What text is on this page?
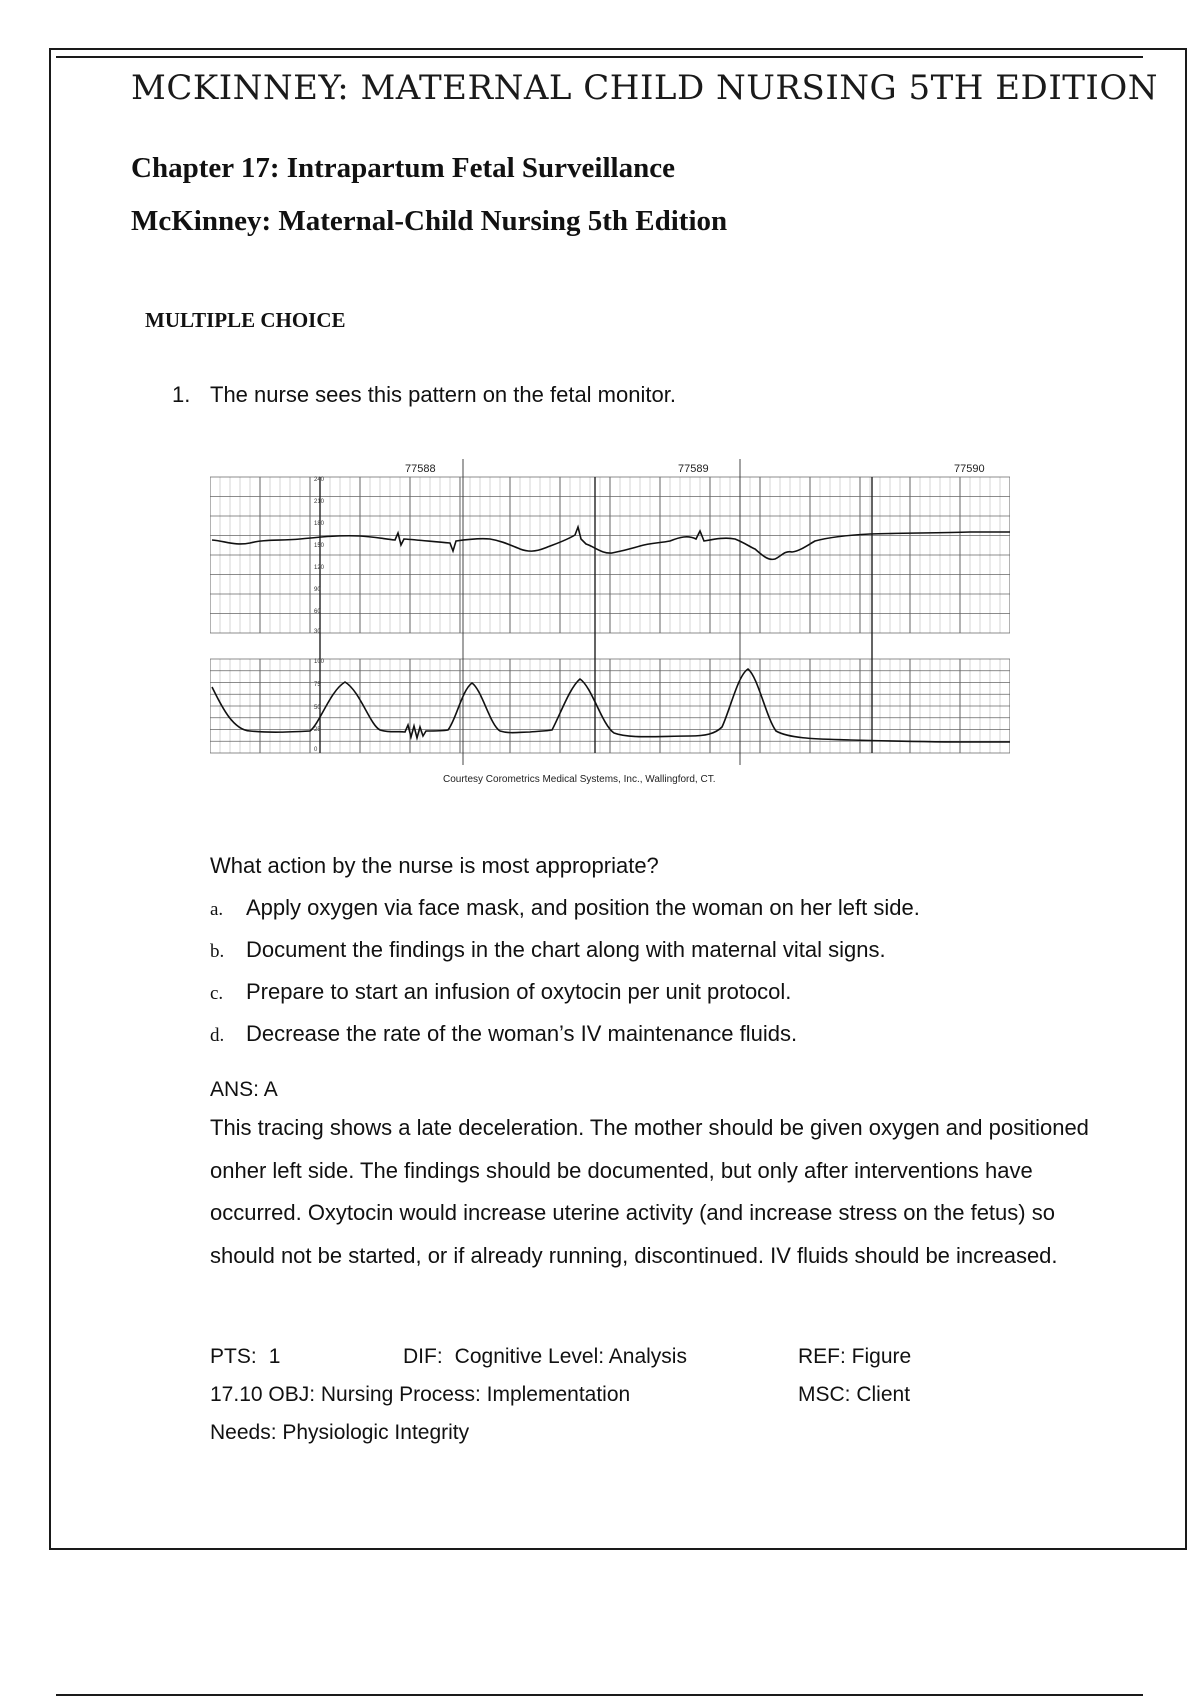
MCKINNEY: MATERNAL CHILD NURSING 5TH EDITION
Chapter 17: Intrapartum Fetal Surveillance
McKinney: Maternal-Child Nursing 5th Edition
MULTIPLE CHOICE
1. The nurse sees this pattern on the fetal monitor.
77588	77589	77590
240
210
180
150
120
90
60
30
100
75
50
25
0
Courtesy Corometrics Medical Systems, Inc., Wallingford, CT.
What action by the nurse is most appropriate?
a. Apply oxygen via face mask, and position the woman on her left side.
b. Document the findings in the chart along with maternal vital signs.
c. Prepare to start an infusion of oxytocin per unit protocol.
d. Decrease the rate of the woman’s IV maintenance fluids.
ANS: A
This tracing shows a late deceleration. The mother should be given oxygen and positioned onher left side. The findings should be documented, but only after interventions have occurred. Oxytocin would increase uterine activity (and increase stress on the fetus) so should not be started, or if already running, discontinued. IV fluids should be increased.
PTS: 1	DIF: Cognitive Level: Analysis	REF: Figure
17.10 OBJ: Nursing Process: Implementation	MSC: Client
Needs: Physiologic Integrity
